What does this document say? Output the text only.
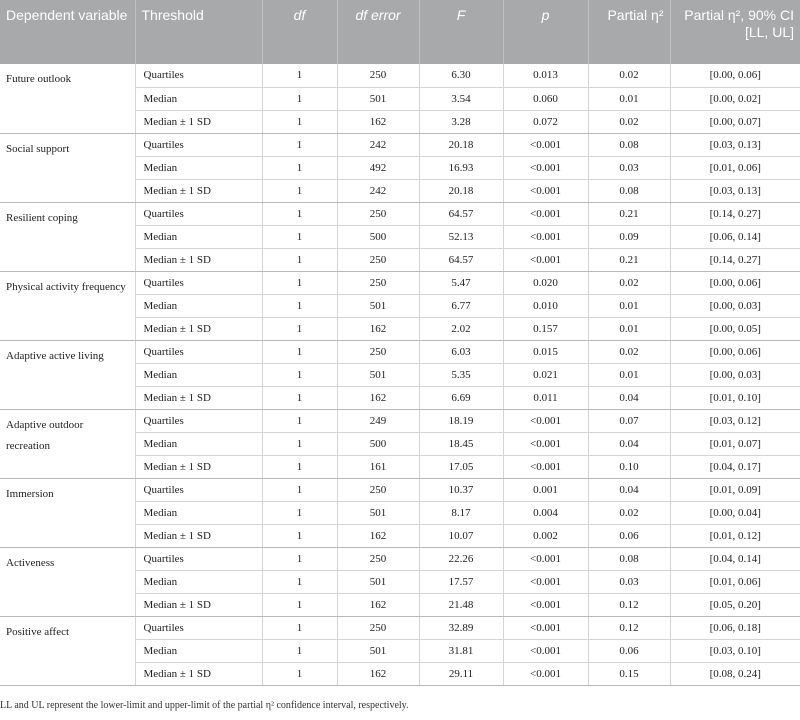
Dependent variable	Threshold	df	df error	F	p	Partial η²	Partial η², 90% CI [LL, UL]
Future outlook	Quartiles	1	250	6.30	0.013	0.02	[0.00, 0.06]
	Median	1	501	3.54	0.060	0.01	[0.00, 0.02]
	Median ± 1 SD	1	162	3.28	0.072	0.02	[0.00, 0.07]
Social support	Quartiles	1	242	20.18	<0.001	0.08	[0.03, 0.13]
	Median	1	492	16.93	<0.001	0.03	[0.01, 0.06]
	Median ± 1 SD	1	242	20.18	<0.001	0.08	[0.03, 0.13]
Resilient coping	Quartiles	1	250	64.57	<0.001	0.21	[0.14, 0.27]
	Median	1	500	52.13	<0.001	0.09	[0.06, 0.14]
	Median ± 1 SD	1	250	64.57	<0.001	0.21	[0.14, 0.27]
Physical activity frequency	Quartiles	1	250	5.47	0.020	0.02	[0.00, 0.06]
	Median	1	501	6.77	0.010	0.01	[0.00, 0.03]
	Median ± 1 SD	1	162	2.02	0.157	0.01	[0.00, 0.05]
Adaptive active living	Quartiles	1	250	6.03	0.015	0.02	[0.00, 0.06]
	Median	1	501	5.35	0.021	0.01	[0.00, 0.03]
	Median ± 1 SD	1	162	6.69	0.011	0.04	[0.01, 0.10]
Adaptive outdoor recreation	Quartiles	1	249	18.19	<0.001	0.07	[0.03, 0.12]
	Median	1	500	18.45	<0.001	0.04	[0.01, 0.07]
	Median ± 1 SD	1	161	17.05	<0.001	0.10	[0.04, 0.17]
Immersion	Quartiles	1	250	10.37	0.001	0.04	[0.01, 0.09]
	Median	1	501	8.17	0.004	0.02	[0.00, 0.04]
	Median ± 1 SD	1	162	10.07	0.002	0.06	[0.01, 0.12]
Activeness	Quartiles	1	250	22.26	<0.001	0.08	[0.04, 0.14]
	Median	1	501	17.57	<0.001	0.03	[0.01, 0.06]
	Median ± 1 SD	1	162	21.48	<0.001	0.12	[0.05, 0.20]
Positive affect	Quartiles	1	250	32.89	<0.001	0.12	[0.06, 0.18]
	Median	1	501	31.81	<0.001	0.06	[0.03, 0.10]
	Median ± 1 SD	1	162	29.11	<0.001	0.15	[0.08, 0.24]
LL and UL represent the lower-limit and upper-limit of the partial η² confidence interval, respectively.
